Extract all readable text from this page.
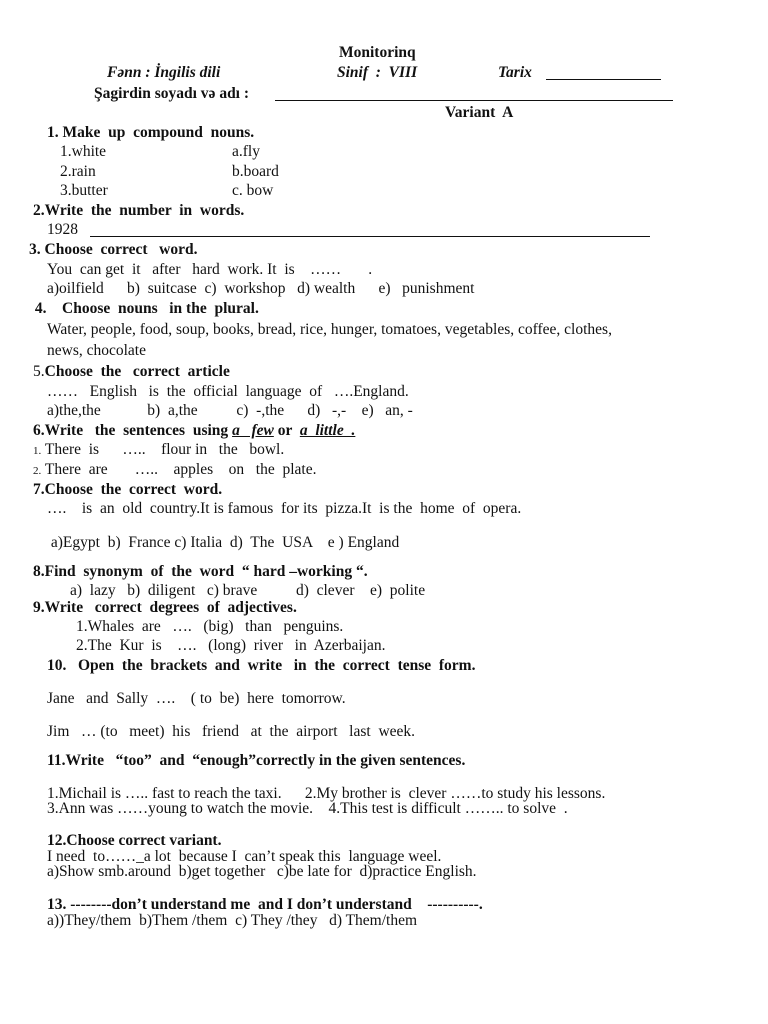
Monitorinq
Fənn : İngilis dili	Sinif  :  VIII	Tarix
Şagirdin soyadı və adı :
Variant  A
1. Make  up  compound  nouns.
1.white
2.rain
3.butter
a.fly
b.board
c. bow
2.Write  the  number  in  words.
1928
3. Choose  correct   word.
You  can get  it   after   hard  work. It  is    ……       .
a)oilfield      b)  suitcase  c)  workshop   d) wealth      e)   punishment
4.    Choose  nouns   in the  plural.
Water, people, food, soup, books, bread, rice, hunger, tomatoes, vegetables, coffee, clothes,
news, chocolate
5.Choose  the   correct  article
……   English   is  the  official  language  of   ….England.
a)the,the            b)  a,the          c)  -,the      d)   -,-    e)   an, -
6.Write   the  sentences  using a   few or  a  little  .
1. There  is      …..    flour in   the   bowl.
2. There  are       …..    apples    on   the  plate.
7.Choose  the  correct  word.
….    is  an  old  country.It is famous  for its  pizza.It  is the  home  of  opera.
a)Egypt  b)  France c) Italia  d)  The  USA    e ) England
8.Find  synonym  of  the  word  “ hard –working “.
a)  lazy   b)  diligent   c) brave          d)  clever    e)  polite
9.Write   correct  degrees  of  adjectives.
1.Whales  are   ….   (big)   than   penguins.
2.The  Kur  is    ….   (long)  river   in  Azerbaijan.
10.   Open  the  brackets  and  write   in  the  correct  tense  form.
Jane   and  Sally  ….    ( to  be)  here  tomorrow.
Jim   … (to   meet)  his   friend   at  the  airport   last  week.
11.Write   “too”  and  “enough”correctly in the given sentences.
1.Michail is ….. fast to reach the taxi.      2.My brother is  clever ……to study his lessons.
3.Ann was ……young to watch the movie.    4.This test is difficult …….. to solve  .
12.Choose correct variant.
I need  to……_a lot  because I  can’t speak this  language weel.
a)Show smb.around  b)get together   c)be late for  d)practice English.
13. --------don’t understand me  and I don’t understand    ----------.
a))They/them  b)Them /them  c) They /they   d) Them/them
